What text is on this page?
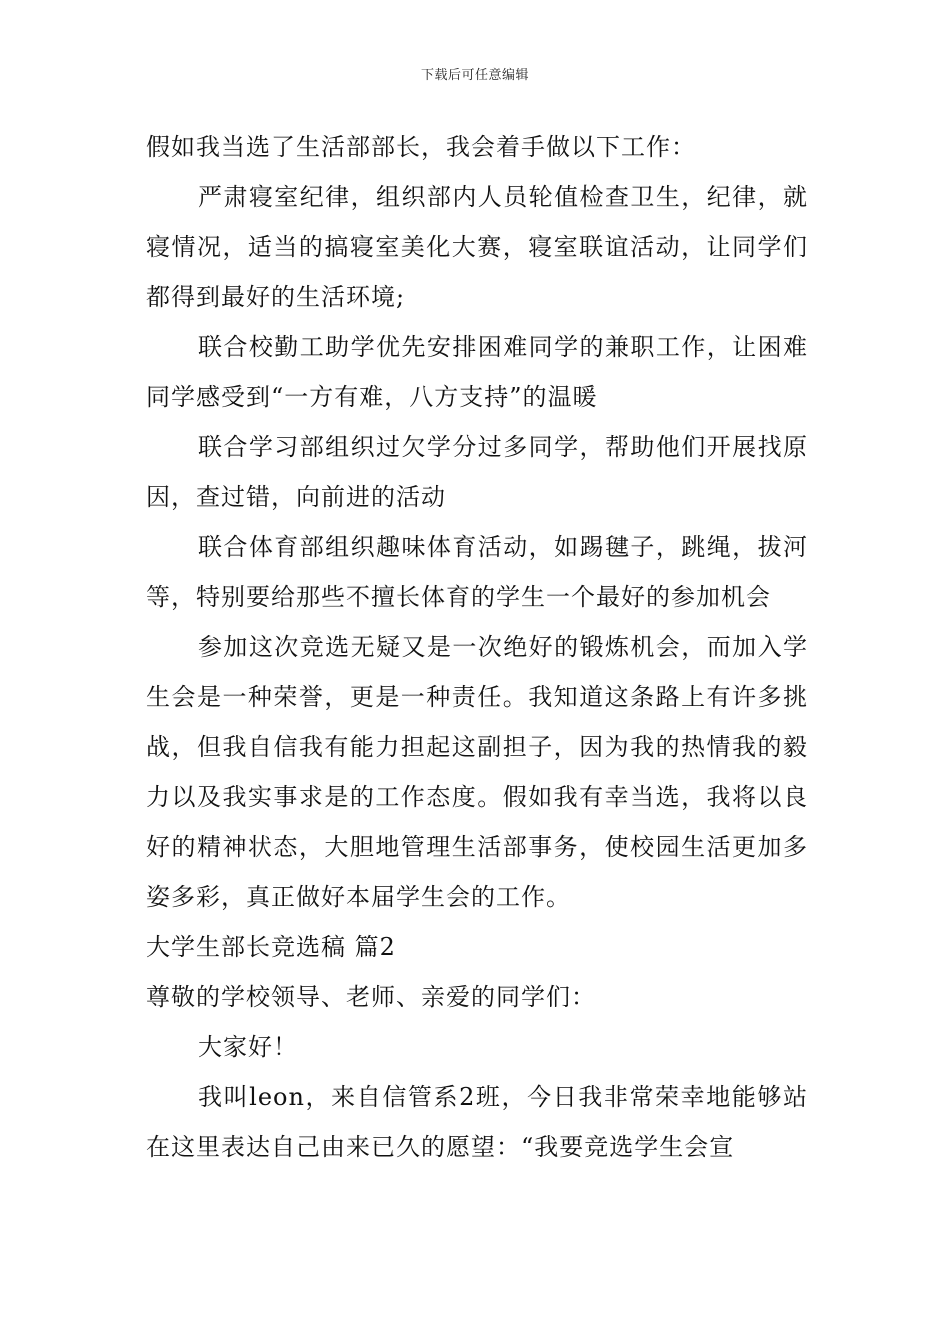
下载后可任意编辑

假如我当选了生活部部长，我会着手做以下工作：

严肃寝室纪律，组织部内人员轮值检查卫生，纪律，就寝情况，适当的搞寝室美化大赛，寝室联谊活动，让同学们都得到最好的生活环境;

联合校勤工助学优先安排困难同学的兼职工作，让困难同学感受到“一方有难，八方支持”的温暖

联合学习部组织过欠学分过多同学，帮助他们开展找原因，查过错，向前进的活动

联合体育部组织趣味体育活动，如踢毽子，跳绳，拔河等，特别要给那些不擅长体育的学生一个最好的参加机会

参加这次竞选无疑又是一次绝好的锻炼机会，而加入学生会是一种荣誉，更是一种责任。我知道这条路上有许多挑战，但我自信我有能力担起这副担子，因为我的热情我的毅力以及我实事求是的工作态度。假如我有幸当选，我将以良好的精神状态，大胆地管理生活部事务，使校园生活更加多姿多彩，真正做好本届学生会的工作。

大学生部长竞选稿 篇2

尊敬的学校领导、老师、亲爱的同学们：

大家好！

我叫leon，来自信管系2班，今日我非常荣幸地能够站在这里表达自己由来已久的愿望：“我要竞选学生会宣
